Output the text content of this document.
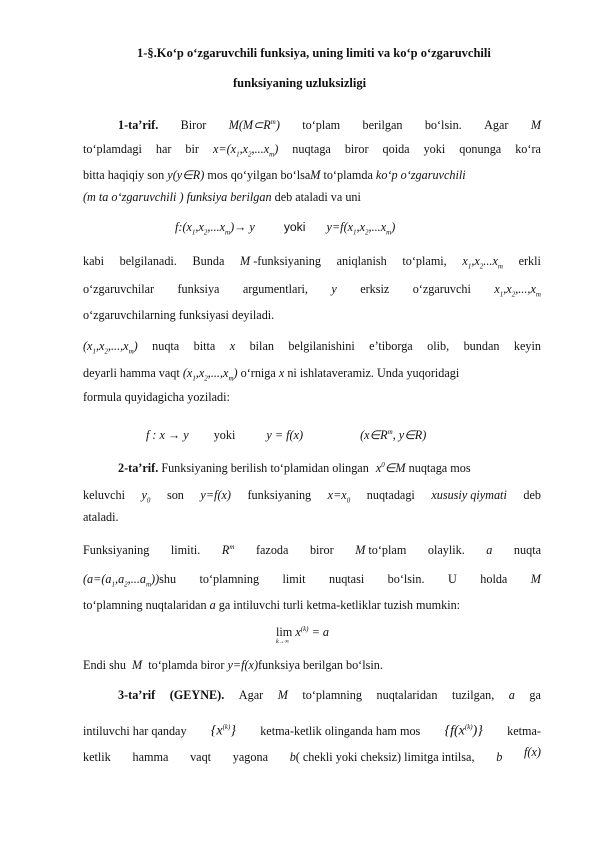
1-§.Ko‘p o‘zgaruvchili funksiya, uning limiti va ko‘p o‘zgaruvchili
funksiyaning uzluksizligi
1-ta’rif. Biror $M(M\subset R^m)$ to‘plam berilgan bo‘lsin. Agar M
to‘plamdagi har bir $x=(x_1,x_2,...x_m)$ nuqtaga biror qoida yoki qonunga ko‘ra
bitta haqiqiy son y(y∈R) mos qo‘yilgan bo‘lsaM to‘plamda ko‘p o‘zgaruvchili
(m ta o‘zgaruvchili ) funksiya berilgan deb ataladi va uni
$f:(x_1,x_2,...x_m)\to y$ yoki $y=f(x_1,x_2,...x_m)$
kabi belgilanadi. Bunda M -funksiyaning aniqlanish to‘plami, $x_1,x_2...x_m$ erkli
o‘zgaruvchilar funksiya argumentlari, y erksiz o‘zgaruvchi $x_1,x_2,...,x_m$
o‘zgaruvchilarning funksiyasi deyiladi.
$(x_1,x_2,...,x_m)$ nuqta bitta x bilan belgilanishini e’tiborga olib, bundan keyin
deyarli hamma vaqt $(x_1,x_2,...,x_m)$ o‘rniga x ni ishlataveramiz. Unda yuqoridagi
formula quyidagicha yoziladi:
f : x → y yoki	y = f(x)	($x\in R^m$, y∈R)
2-ta’rif. Funksiyaning berilish to‘plamidan olingan $x^0\in M$ nuqtaga mos
keluvchi $y_0$ son y=f(x) funksiyaning $x=x_0$ nuqtadagi xususiy qiymati deb
ataladi.
Funksiyaning limiti. $R^m$ fazoda biror M to‘plam olaylik. a nuqta
$(a=(a_1,a_2,...a_m))shu$ to‘plamning limit nuqtasi bo‘lsin. U holda M
to‘plamning nuqtalaridan a ga intiluvchi turli ketma-ketliklar tuzish mumkin:
$\lim x^{(k)} = a$
k→∞
Endi shu M to‘plamda biror y=f(x)funksiya berilgan bo‘lsin.
3-ta’rif (GEYNE). Agar M to‘plamning nuqtalaridan tuzilgan, a ga
intiluvchi har qanday $\{x^{(k)}\}$ ketma-ketlik olinganda ham mos $\{f(x^{(k)})\}$ ketma-
ketlik hamma vaqt yagona b( chekli yoki cheksiz) limitga intilsa, b f(x)
